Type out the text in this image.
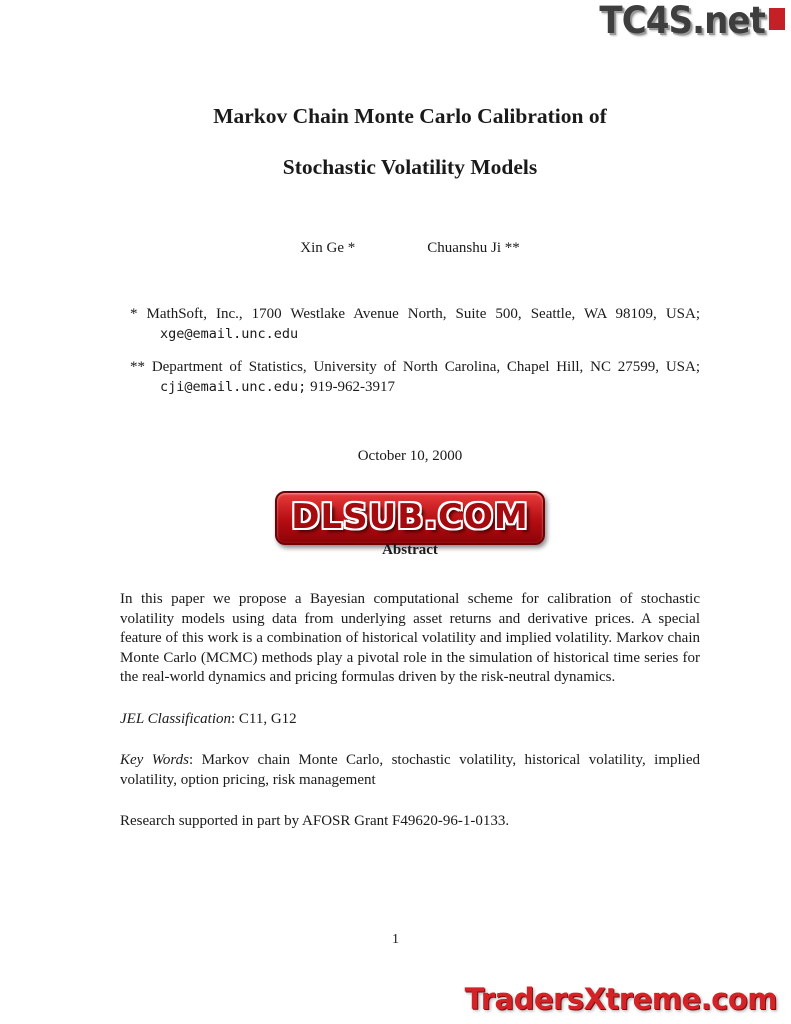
TC4S.net
Markov Chain Monte Carlo Calibration of
Stochastic Volatility Models
Xin Ge *	Chuanshu Ji **

* MathSoft, Inc., 1700 Westlake Avenue North, Suite 500, Seattle, WA 98109, USA; xge@email.unc.edu

** Department of Statistics, University of North Carolina, Chapel Hill, NC 27599, USA; cji@email.unc.edu; 919-962-3917

October 10, 2000
DLSUB.COM
Abstract

In this paper we propose a Bayesian computational scheme for calibration of stochastic volatility models using data from underlying asset returns and derivative prices. A special feature of this work is a combination of historical volatility and implied volatility. Markov chain Monte Carlo (MCMC) methods play a pivotal role in the simulation of historical time series for the real-world dynamics and pricing formulas driven by the risk-neutral dynamics.

JEL Classification: C11, G12

Key Words: Markov chain Monte Carlo, stochastic volatility, historical volatility, implied volatility, option pricing, risk management

Research supported in part by AFOSR Grant F49620-96-1-0133.

1
TradersXtreme.com
